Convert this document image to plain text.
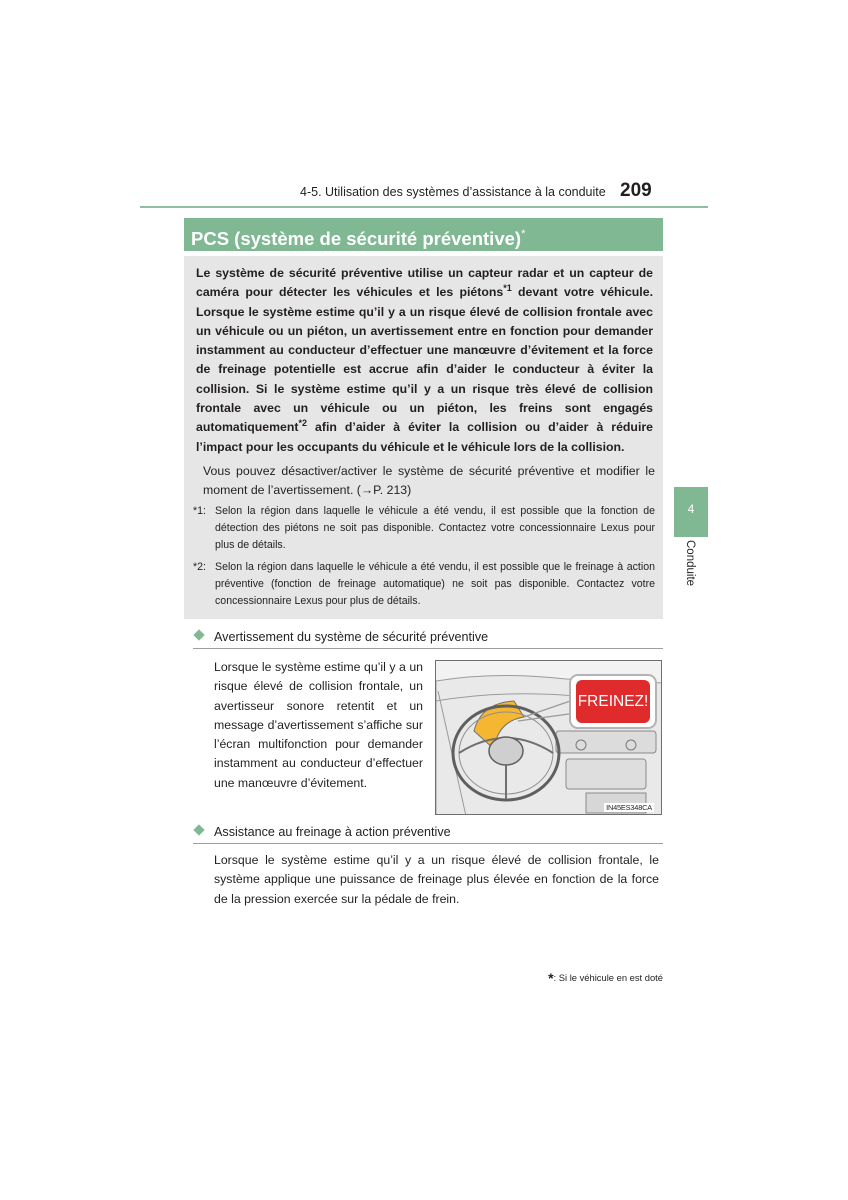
4-5. Utilisation des systèmes d’assistance à la conduite 209
PCS (système de sécurité préventive)*

Le système de sécurité préventive utilise un capteur radar et un capteur de caméra pour détecter les véhicules et les piétons$^{*1}$ devant votre véhicule. Lorsque le système estime qu’il y a un risque élevé de collision frontale avec un véhicule ou un piéton, un avertissement entre en fonction pour demander instamment au conducteur d’effectuer une manœuvre d’évitement et la force de freinage potentielle est accrue afin d’aider le conducteur à éviter la collision. Si le système estime qu’il y a un risque très élevé de collision frontale avec un véhicule ou un piéton, les freins sont engagés automatiquement$^{*2}$ afin d’aider à éviter la collision ou d’aider à réduire l’impact pour les occupants du véhicule et le véhicule lors de la collision.

Vous pouvez désactiver/activer le système de sécurité préventive et modifier le moment de l’avertissement. (→P. 213)

*1: Selon la région dans laquelle le véhicule a été vendu, il est possible que la fonction de détection des piétons ne soit pas disponible. Contactez votre concessionnaire Lexus pour plus de détails.
*2: Selon la région dans laquelle le véhicule a été vendu, il est possible que le freinage à action préventive (fonction de freinage automatique) ne soit pas disponible. Contactez votre concessionnaire Lexus pour plus de détails.
4
Conduite
Avertissement du système de sécurité préventive

Lorsque le système estime qu’il y a un risque élevé de collision frontale, un avertisseur sonore retentit et un message d’avertissement s’affiche sur l’écran multifonction pour demander instamment au conducteur d’effectuer une manœuvre d’évitement.

FREINEZ!
IN45ES348CA
Assistance au freinage à action préventive

Lorsque le système estime qu’il y a un risque élevé de collision frontale, le système applique une puissance de freinage plus élevée en fonction de la force de la pression exercée sur la pédale de frein.

*: Si le véhicule en est doté
